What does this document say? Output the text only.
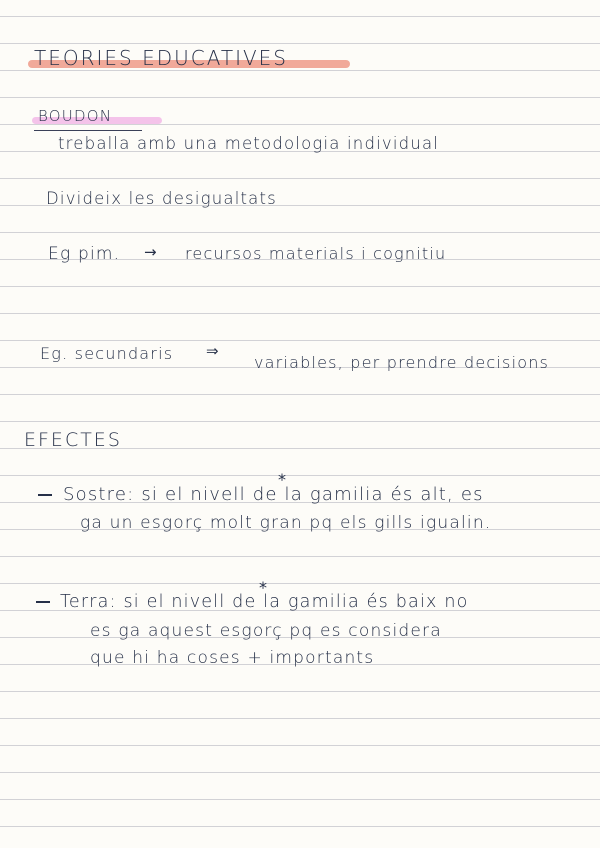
TEORIES EDUCATIVES
BOUDON
treballa amb una metodologia individual
Divideix les desigualtats
Eg pim. → recursos materials i cognitiu
Eg. secundaris ⇒
variables, per prendre decisions
EFECTES
*
Sostre: si el nivell de la gamilia és alt, es
ga un esgorç molt gran pq els gills igualin.
*
Terra: si el nivell de la gamilia és baix no
es ga aquest esgorç pq es considera
que hi ha coses + importants
